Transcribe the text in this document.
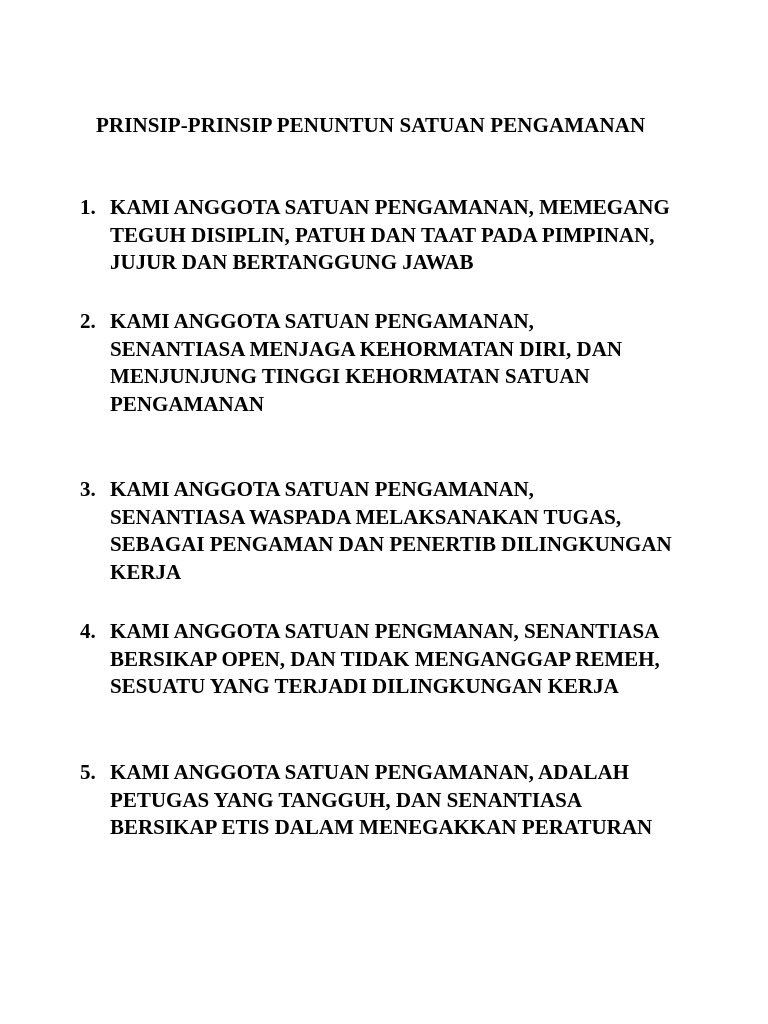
PRINSIP-PRINSIP PENUNTUN SATUAN PENGAMANAN
1. KAMI ANGGOTA SATUAN PENGAMANAN, MEMEGANG
TEGUH DISIPLIN, PATUH DAN TAAT PADA PIMPINAN,
JUJUR DAN BERTANGGUNG JAWAB
2. KAMI ANGGOTA SATUAN PENGAMANAN,
SENANTIASA MENJAGA KEHORMATAN DIRI, DAN
MENJUNJUNG TINGGI KEHORMATAN SATUAN
PENGAMANAN
3. KAMI ANGGOTA SATUAN PENGAMANAN,
SENANTIASA WASPADA MELAKSANAKAN TUGAS,
SEBAGAI PENGAMAN DAN PENERTIB DILINGKUNGAN
KERJA
4. KAMI ANGGOTA SATUAN PENGMANAN, SENANTIASA
BERSIKAP OPEN, DAN TIDAK MENGANGGAP REMEH,
SESUATU YANG TERJADI DILINGKUNGAN KERJA
5. KAMI ANGGOTA SATUAN PENGAMANAN, ADALAH
PETUGAS YANG TANGGUH, DAN SENANTIASA
BERSIKAP ETIS DALAM MENEGAKKAN PERATURAN
